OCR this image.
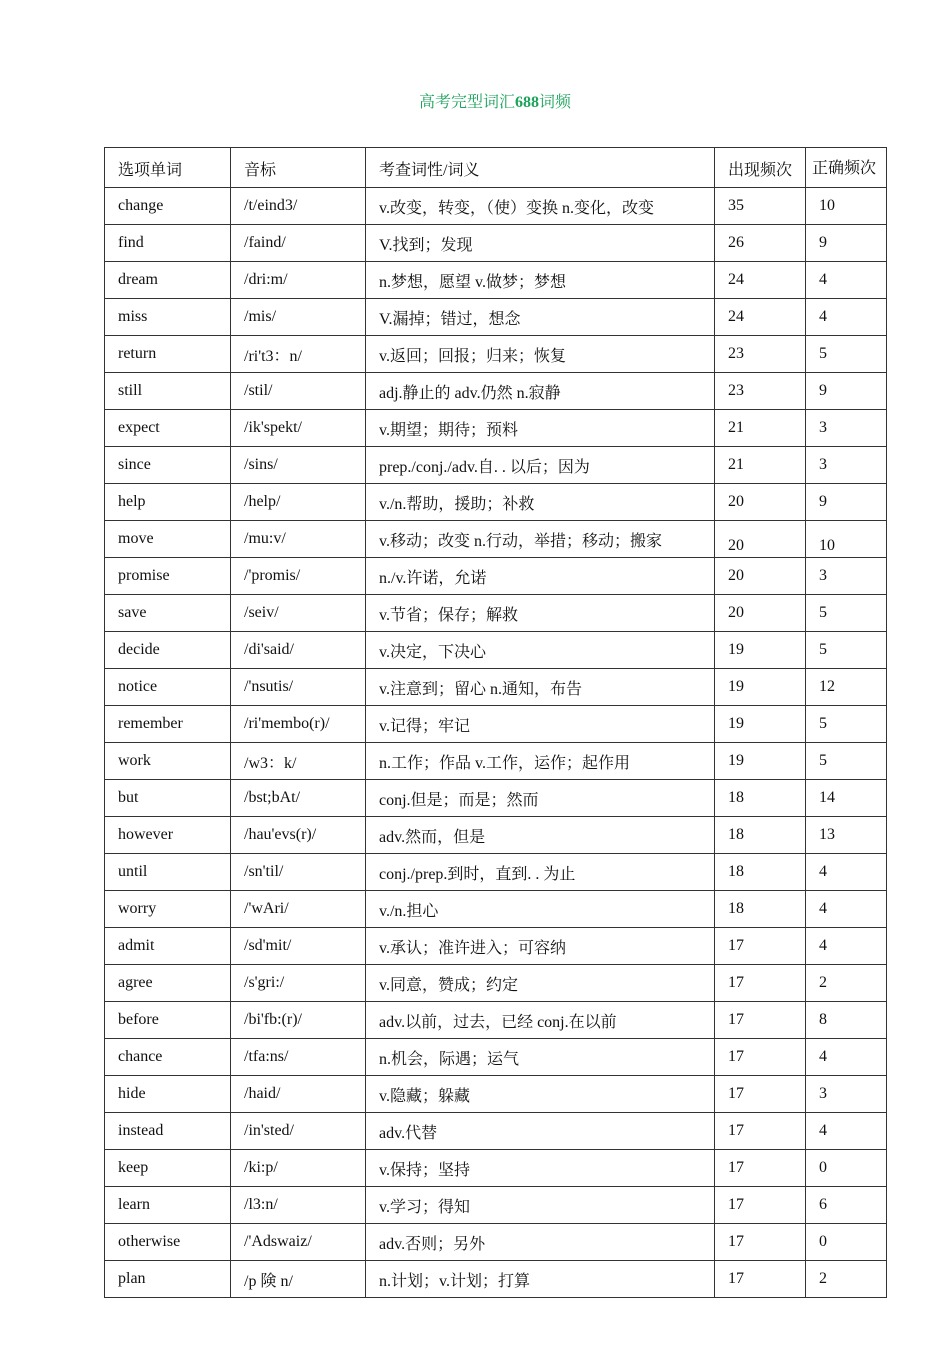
高考完型词汇688词频
选项单词	音标	考查词性/词义	出现频次	正确频次
change	/t/eind3/	v.改变，转变，（使）变换 n.变化，改变	35	10
find	/faind/	V.找到；发现	26	9
dream	/dri:m/	n.梦想，愿望 v.做梦；梦想	24	4
miss	/mis/	V.漏掉；错过，想念	24	4
return	/ri't3：n/	v.返回；回报；归来；恢复	23	5
still	/stil/	adj.静止的 adv.仍然 n.寂静	23	9
expect	/ik'spekt/	v.期望；期待；预料	21	3
since	/sins/	prep./conj./adv.自. . 以后；因为	21	3
help	/help/	v./n.帮助，援助；补救	20	9
move	/mu:v/	v.移动；改变 n.行动，举措；移动；搬家	20	10
promise	/'promis/	n./v.许诺，允诺	20	3
save	/seiv/	v.节省；保存；解救	20	5
decide	/di'said/	v.决定，下决心	19	5
notice	/'nsutis/	v.注意到；留心 n.通知，布告	19	12
remember	/ri'membo(r)/	v.记得；牢记	19	5
work	/w3：k/	n.工作；作品 v.工作，运作；起作用	19	5
but	/bst;bAt/	conj.但是；而是；然而	18	14
however	/hau'evs(r)/	adv.然而，但是	18	13
until	/sn'til/	conj./prep.到时，直到. . 为止	18	4
worry	/'wAri/	v./n.担心	18	4
admit	/sd'mit/	v.承认；准许进入；可容纳	17	4
agree	/s'gri:/	v.同意，赞成；约定	17	2
before	/bi'fb:(r)/	adv.以前，过去，已经 conj.在以前	17	8
chance	/tfa:ns/	n.机会，际遇；运气	17	4
hide	/haid/	v.隐藏；躲藏	17	3
instead	/in'sted/	adv.代替	17	4
keep	/ki:p/	v.保持；坚持	17	0
learn	/l3:n/	v.学习；得知	17	6
otherwise	/'Adswaiz/	adv.否则；另外	17	0
plan	/p 険 n/	n.计划；v.计划；打算	17	2
